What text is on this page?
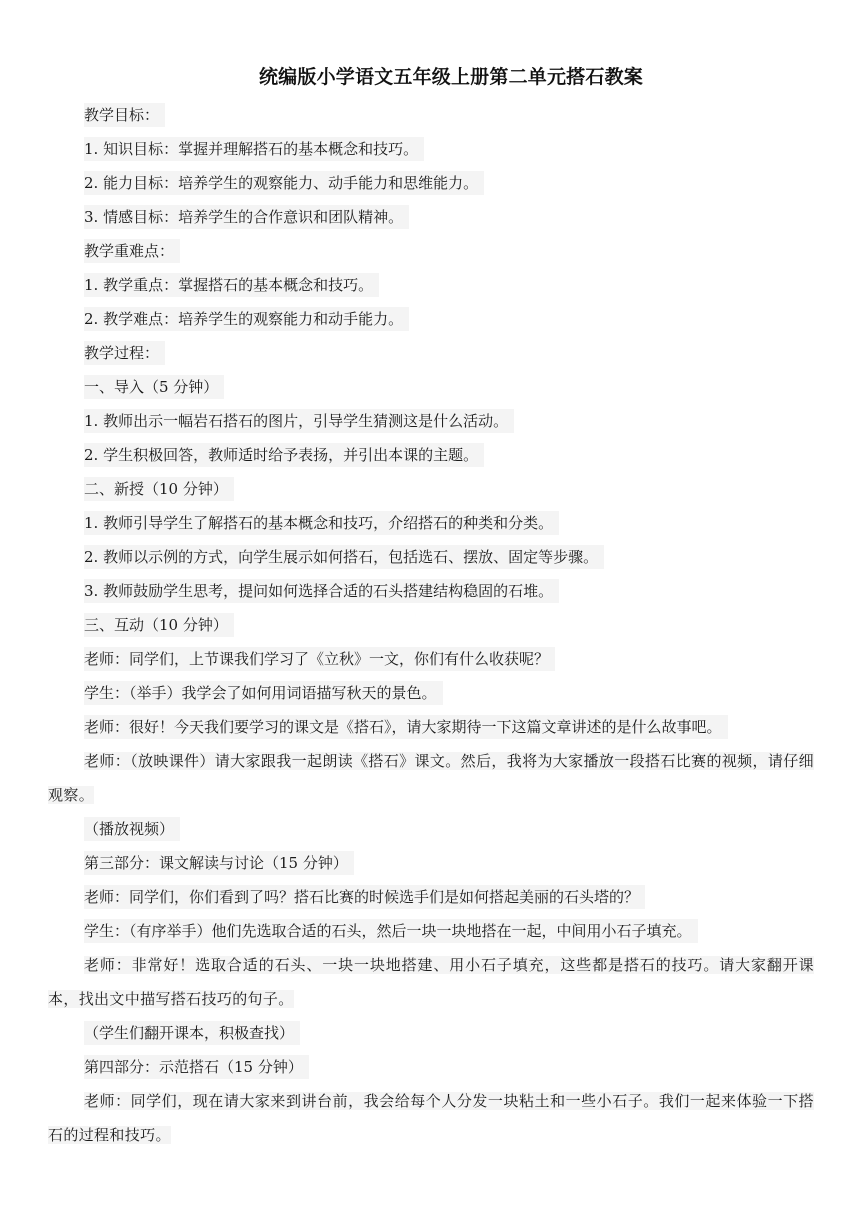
统编版小学语文五年级上册第二单元搭石教案
教学目标：
1. 知识目标：掌握并理解搭石的基本概念和技巧。
2. 能力目标：培养学生的观察能力、动手能力和思维能力。
3. 情感目标：培养学生的合作意识和团队精神。
教学重难点：
1. 教学重点：掌握搭石的基本概念和技巧。
2. 教学难点：培养学生的观察能力和动手能力。
教学过程：
一、导入（5 分钟）
1. 教师出示一幅岩石搭石的图片，引导学生猜测这是什么活动。
2. 学生积极回答，教师适时给予表扬，并引出本课的主题。
二、新授（10 分钟）
1. 教师引导学生了解搭石的基本概念和技巧，介绍搭石的种类和分类。
2. 教师以示例的方式，向学生展示如何搭石，包括选石、摆放、固定等步骤。
3. 教师鼓励学生思考，提问如何选择合适的石头搭建结构稳固的石堆。
三、互动（10 分钟）
老师：同学们，上节课我们学习了《立秋》一文，你们有什么收获呢？
学生：（举手）我学会了如何用词语描写秋天的景色。
老师：很好！今天我们要学习的课文是《搭石》，请大家期待一下这篇文章讲述的是什么故事吧。
老师：（放映课件）请大家跟我一起朗读《搭石》课文。然后，我将为大家播放一段搭石比赛的视频，请仔细观察。
（播放视频）
第三部分：课文解读与讨论（15 分钟）
老师：同学们，你们看到了吗？搭石比赛的时候选手们是如何搭起美丽的石头塔的？
学生：（有序举手）他们先选取合适的石头，然后一块一块地搭在一起，中间用小石子填充。
老师：非常好！选取合适的石头、一块一块地搭建、用小石子填充，这些都是搭石的技巧。请大家翻开课本，找出文中描写搭石技巧的句子。
（学生们翻开课本，积极查找）
第四部分：示范搭石（15 分钟）
老师：同学们，现在请大家来到讲台前，我会给每个人分发一块粘土和一些小石子。我们一起来体验一下搭石的过程和技巧。
